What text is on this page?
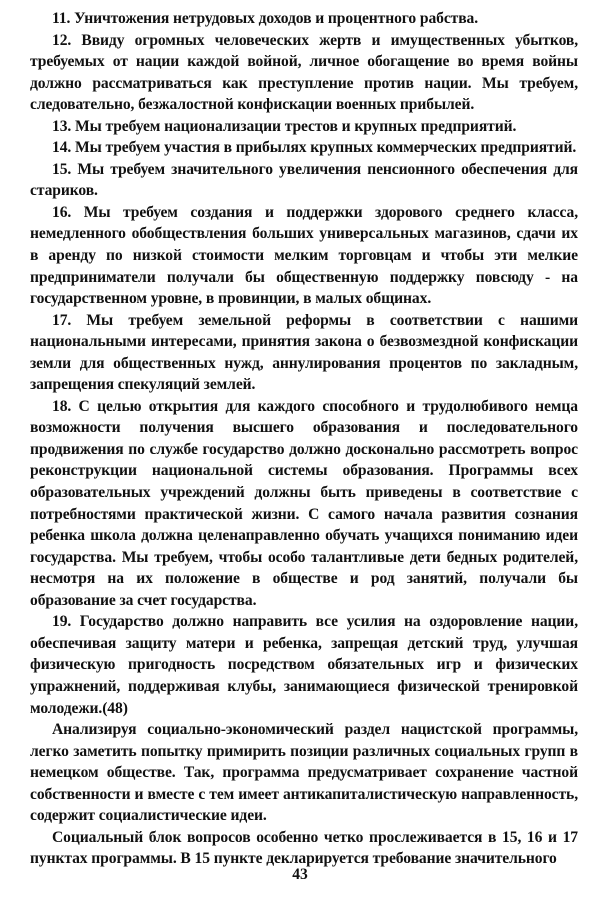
11. Уничтожения нетрудовых доходов и процентного рабства.

12. Ввиду огромных человеческих жертв и имущественных убытков, требуемых от нации каждой войной, личное обогащение во время войны должно рассматриваться как преступление против нации. Мы требуем, следовательно, безжалостной конфискации военных прибылей.

13. Мы требуем национализации трестов и крупных предприятий.

14. Мы требуем участия в прибылях крупных коммерческих предприятий.

15. Мы требуем значительного увеличения пенсионного обеспечения для стариков.

16. Мы требуем создания и поддержки здорового среднего класса, немедленного обобществления больших универсальных магазинов, сдачи их в аренду по низкой стоимости мелким торговцам и чтобы эти мелкие предприниматели получали бы общественную поддержку повсюду - на государственном уровне, в провинции, в малых общинах.

17. Мы требуем земельной реформы в соответствии с нашими национальными интересами, принятия закона о безвозмездной конфискации земли для общественных нужд, аннулирования процентов по закладным, запрещения спекуляций землей.

18. С целью открытия для каждого способного и трудолюбивого немца возможности получения высшего образования и последовательного продвижения по службе государство должно досконально рассмотреть вопрос реконструкции национальной системы образования. Программы всех образовательных учреждений должны быть приведены в соответствие с потребностями практической жизни. С самого начала развития сознания ребенка школа должна целенаправленно обучать учащихся пониманию идеи государства. Мы требуем, чтобы особо талантливые дети бедных родителей, несмотря на их положение в обществе и род занятий, получали бы образование за счет государства.

19. Государство должно направить все усилия на оздоровление нации, обеспечивая защиту матери и ребенка, запрещая детский труд, улучшая физическую пригодность посредством обязательных игр и физических упражнений, поддерживая клубы, занимающиеся физической тренировкой молодежи.(48)

Анализируя социально-экономический раздел нацистской программы, легко заметить попытку примирить позиции различных социальных групп в немецком обществе. Так, программа предусматривает сохранение частной собственности и вместе с тем имеет антикапиталистическую направленность, содержит социалистические идеи.

Социальный блок вопросов особенно четко прослеживается в 15, 16 и 17 пунктах программы. В 15 пункте декларируется требование значительного

43
